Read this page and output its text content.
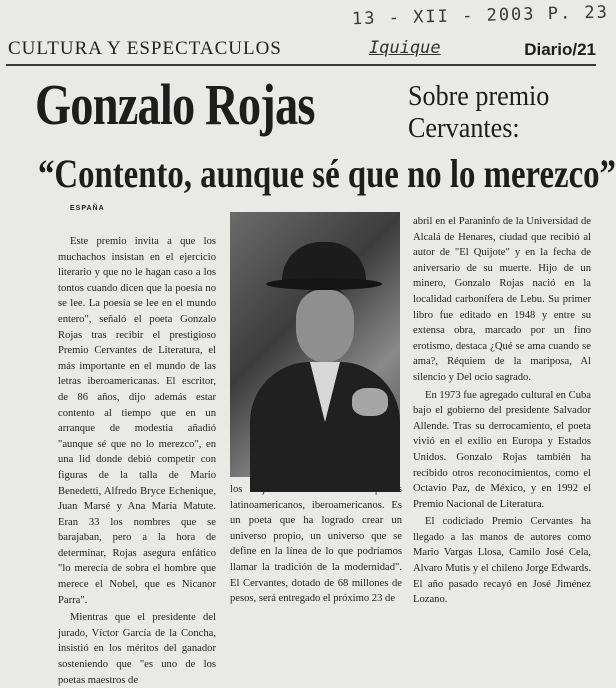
13 - XII - 2003 P. 23
CULTURA Y ESPECTACULOS	Iquique	Diario/21
Gonzalo Rojas	Sobre premio
Cervantes:
“Contento, aunque sé que no lo merezco”
ESPAÑA

Este premio invita a que los muchachos insistan en el ejercicio literario y que no le hagan caso a los tontos cuando dicen que la poesía no se lee. La poesía se lee en el mundo entero", señaló el poeta Gonzalo Rojas tras recibir el prestigioso Premio Cervantes de Literatura, el más importante en el mundo de las letras iberoamericanas. El escritor, de 86 años, dijo además estar contento al tiempo que en un arranque de modestia añadió "aunque sé que no lo merezco", en una lid donde debió competir con figuras de la talla de Mario Benedetti, Alfredo Bryce Echenique, Juan Marsé y Ana María Matute. Eran 33 los nombres que se barajaban, pero a la hora de determinar, Rojas asegura enfático "lo merecía de sobra el hombre que merece el Nobel, que es Nicanor Parra".

Mientras que el presidente del jurado, Víctor García de la Concha, insistió en los méritos del ganador sosteniendo que "es uno de los poetas maestros de

los jóvenes escritores poetas latinoamericanos, iberoamericanos. Es un poeta que ha logrado crear un universo propio, un universo que se define en la línea de lo que podríamos llamar la tradición de la modernidad". El Cervantes, dotado de 68 millones de pesos, será entregado el próximo 23 de

abril en el Paraninfo de la Universidad de Alcalá de Henares, ciudad que recibió al autor de "El Quijote" y en la fecha de aniversario de su muerte. Hijo de un minero, Gonzalo Rojas nació en la localidad carbonífera de Lebu. Su primer libro fue editado en 1948 y entre su extensa obra, marcado por un fino erotismo, destaca ¿Qué se ama cuando se ama?, Réquiem de la mariposa, Al silencio y Del ocio sagrado.

En 1973 fue agregado cultural en Cuba bajo el gobierno del presidente Salvador Allende. Tras su derrocamiento, el poeta vivió en el exilio en Europa y Estados Unidos. Gonzalo Rojas también ha recibido otros reconocimientos, como el Octavio Paz, de México, y en 1992 el Premio Nacional de Literatura.

El codiciado Premio Cervantes ha llegado a las manos de autores como Mario Vargas Llosa, Camilo José Cela, Alvaro Mutis y el chileno Jorge Edwards. El año pasado recayó en José Jiménez Lozano.
